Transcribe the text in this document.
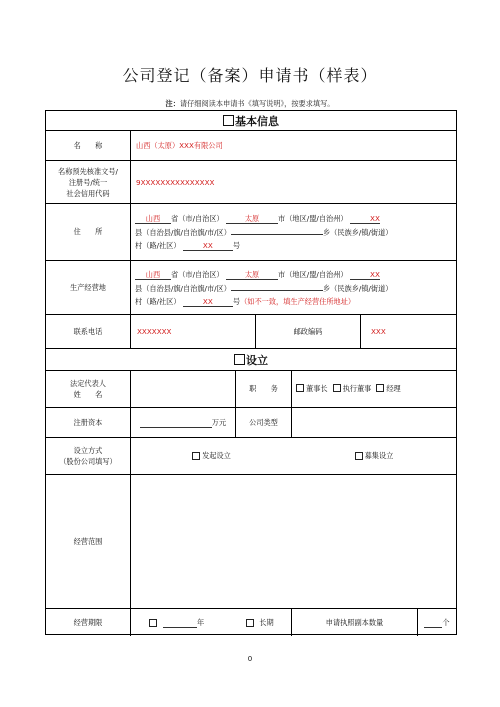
公司登记（备案）申请书（样表）
注：请仔细阅读本申请书《填写说明》，按要求填写。
基本信息
名　　称	山西（太原）XXX有限公司
名称预先核准文号/
注册号/统一
社会信用代码
9XXXXXXXXXXXXXXX
住　　所
山西 省（市/自治区）	太原	市（地区/盟/自治州）	XX
县（自治县/旗/自治旗/市/区）	乡（民族乡/镇/街道）
村（路/社区）	XX	号
生产经营地
山西 省（市/自治区）	太原	市（地区/盟/自治州）	XX
县（自治县/旗/自治旗/市/区）	乡（民族乡/镇/街道）
村（路/社区）	XX	号（如不一致，填生产经营住所地址）
联系电话	XXXXXXX	邮政编码	XXX
设立
法定代表人
姓　　名
职　　务	董事长	执行董事	经理
注册资本	万元	公司类型
设立方式
（股份公司填写）
发起设立	募集设立
经营范围
经营期限	年	长期	申请执照副本数量	个
0
